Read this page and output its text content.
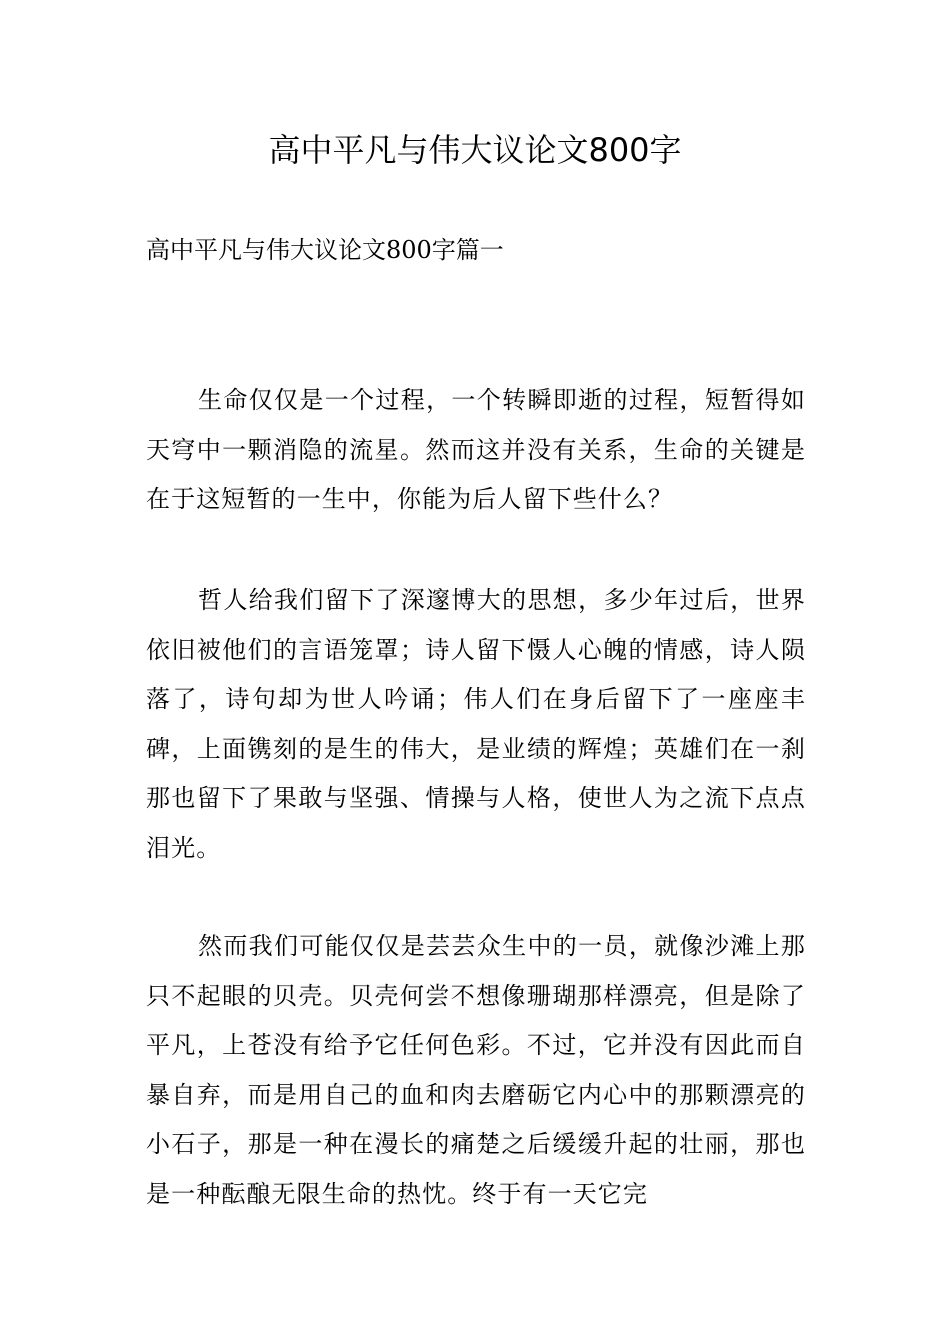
高中平凡与伟大议论文800字
高中平凡与伟大议论文800字篇一

生命仅仅是一个过程，一个转瞬即逝的过程，短暂得如天穹中一颗消隐的流星。然而这并没有关系，生命的关键是在于这短暂的一生中，你能为后人留下些什么？

哲人给我们留下了深邃博大的思想，多少年过后，世界依旧被他们的言语笼罩；诗人留下慑人心魄的情感，诗人陨落了，诗句却为世人吟诵；伟人们在身后留下了一座座丰碑，上面镌刻的是生的伟大，是业绩的辉煌；英雄们在一刹那也留下了果敢与坚强、情操与人格，使世人为之流下点点泪光。

然而我们可能仅仅是芸芸众生中的一员，就像沙滩上那只不起眼的贝壳。贝壳何尝不想像珊瑚那样漂亮，但是除了平凡，上苍没有给予它任何色彩。不过，它并没有因此而自暴自弃，而是用自己的血和肉去磨砺它内心中的那颗漂亮的小石子，那是一种在漫长的痛楚之后缓缓升起的壮丽，那也是一种酝酿无限生命的热忱。终于有一天它完
